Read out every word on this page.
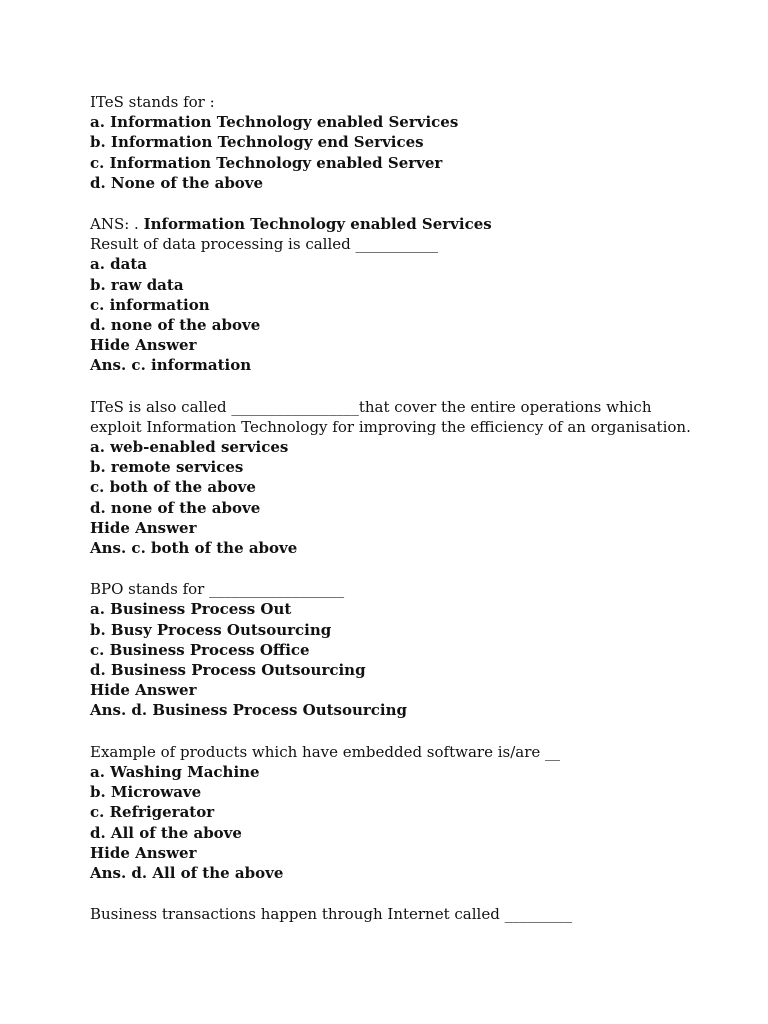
ITeS stands for :

a. Information Technology enabled Services

b. Information Technology end Services

c. Information Technology enabled Server

d. None of the above

ANS: . Information Technology enabled Services

Result of data processing is called ___________

a. data

b. raw data

c. information

d. none of the above

Hide Answer

Ans. c. information

ITeS is also called _________________that cover the entire operations which

exploit Information Technology for improving the efficiency of an organisation.

a. web-enabled services

b. remote services

c. both of the above

d. none of the above

Hide Answer

Ans. c. both of the above

BPO stands for __________________

a. Business Process Out

b. Busy Process Outsourcing

c. Business Process Office

d. Business Process Outsourcing

Hide Answer

Ans. d. Business Process Outsourcing

Example of products which have embedded software is/are __

a. Washing Machine

b. Microwave

c. Refrigerator

d. All of the above

Hide Answer

Ans. d. All of the above

Business transactions happen through Internet called _________
